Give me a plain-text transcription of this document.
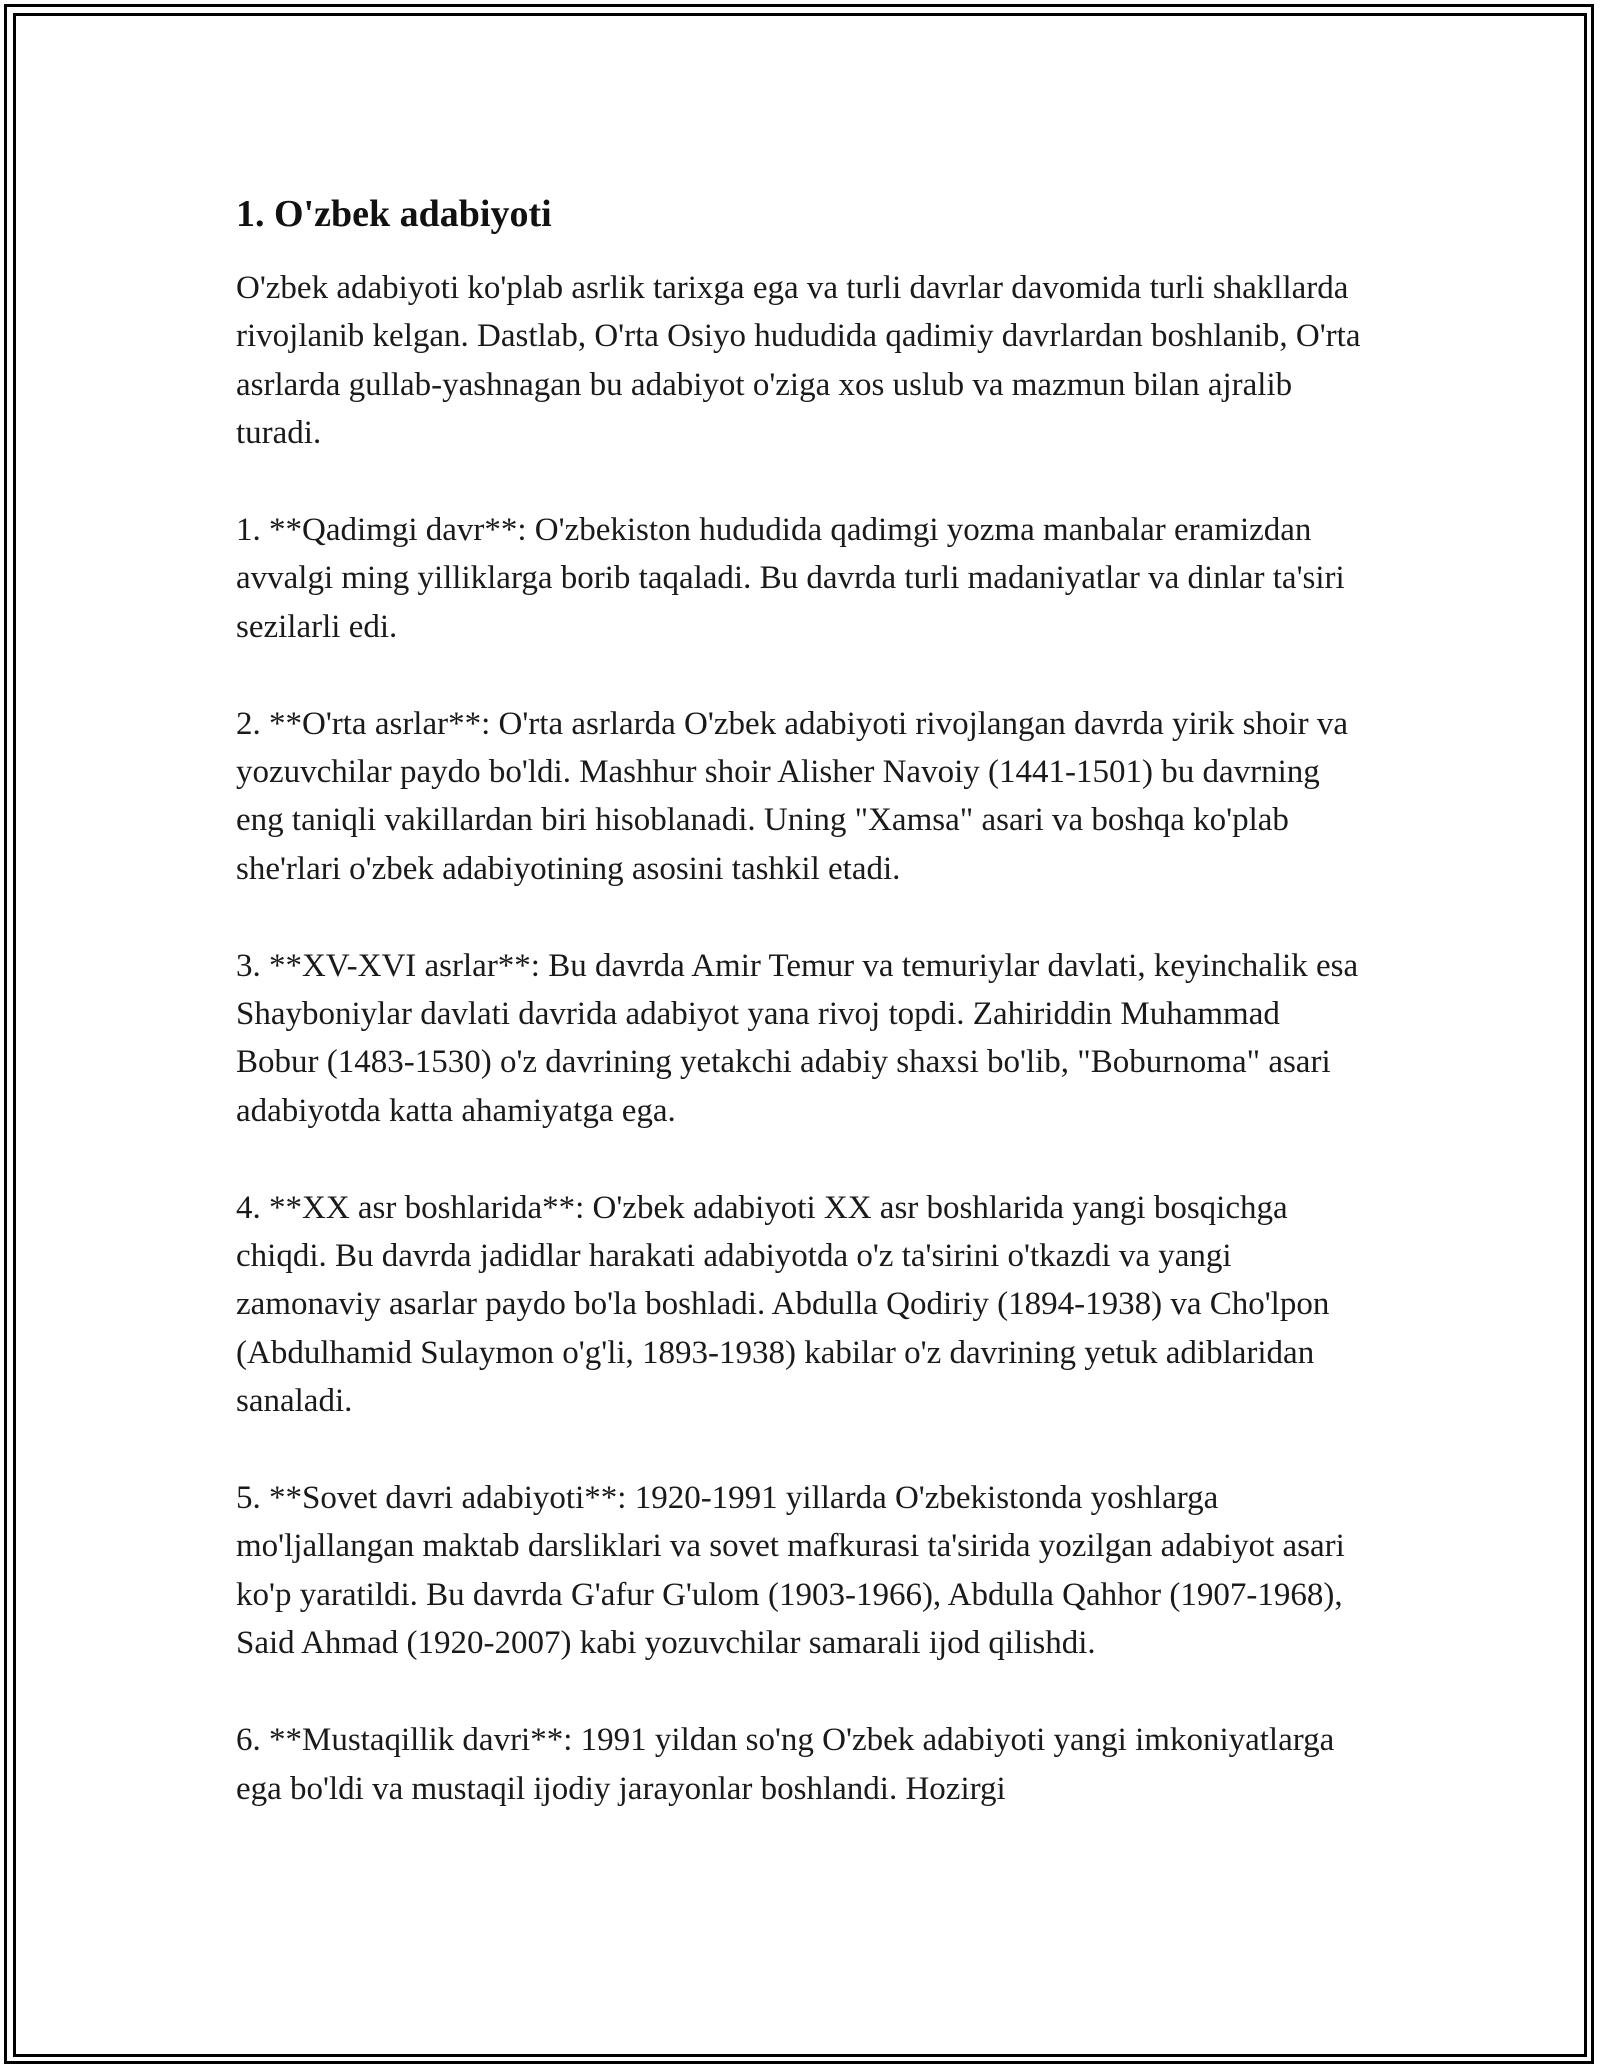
1. O'zbek adabiyoti

O'zbek adabiyoti ko'plab asrlik tarixga ega va turli davrlar davomida turli shakllarda rivojlanib kelgan. Dastlab, O'rta Osiyo hududida qadimiy davrlardan boshlanib, O'rta asrlarda gullab-yashnagan bu adabiyot o'ziga xos uslub va mazmun bilan ajralib turadi.

1. **Qadimgi davr**: O'zbekiston hududida qadimgi yozma manbalar eramizdan avvalgi ming yilliklarga borib taqaladi. Bu davrda turli madaniyatlar va dinlar ta'siri sezilarli edi.

2. **O'rta asrlar**: O'rta asrlarda O'zbek adabiyoti rivojlangan davrda yirik shoir va yozuvchilar paydo bo'ldi. Mashhur shoir Alisher Navoiy (1441-1501) bu davrning eng taniqli vakillardan biri hisoblanadi. Uning "Xamsa" asari va boshqa ko'plab she'rlari o'zbek adabiyotining asosini tashkil etadi.

3. **XV-XVI asrlar**: Bu davrda Amir Temur va temuriylar davlati, keyinchalik esa Shayboniylar davlati davrida adabiyot yana rivoj topdi. Zahiriddin Muhammad Bobur (1483-1530) o'z davrining yetakchi adabiy shaxsi bo'lib, "Boburnoma" asari adabiyotda katta ahamiyatga ega.

4. **XX asr boshlarida**: O'zbek adabiyoti XX asr boshlarida yangi bosqichga chiqdi. Bu davrda jadidlar harakati adabiyotda o'z ta'sirini o'tkazdi va yangi zamonaviy asarlar paydo bo'la boshladi. Abdulla Qodiriy (1894-1938) va Cho'lpon (Abdulhamid Sulaymon o'g'li, 1893-1938) kabilar o'z davrining yetuk adiblaridan sanaladi.

5. **Sovet davri adabiyoti**: 1920-1991 yillarda O'zbekistonda yoshlarga mo'ljallangan maktab darsliklari va sovet mafkurasi ta'sirida yozilgan adabiyot asari ko'p yaratildi. Bu davrda G'afur G'ulom (1903-1966), Abdulla Qahhor (1907-1968), Said Ahmad (1920-2007) kabi yozuvchilar samarali ijod qilishdi.

6. **Mustaqillik davri**: 1991 yildan so'ng O'zbek adabiyoti yangi imkoniyatlarga ega bo'ldi va mustaqil ijodiy jarayonlar boshlandi. Hozirgi
